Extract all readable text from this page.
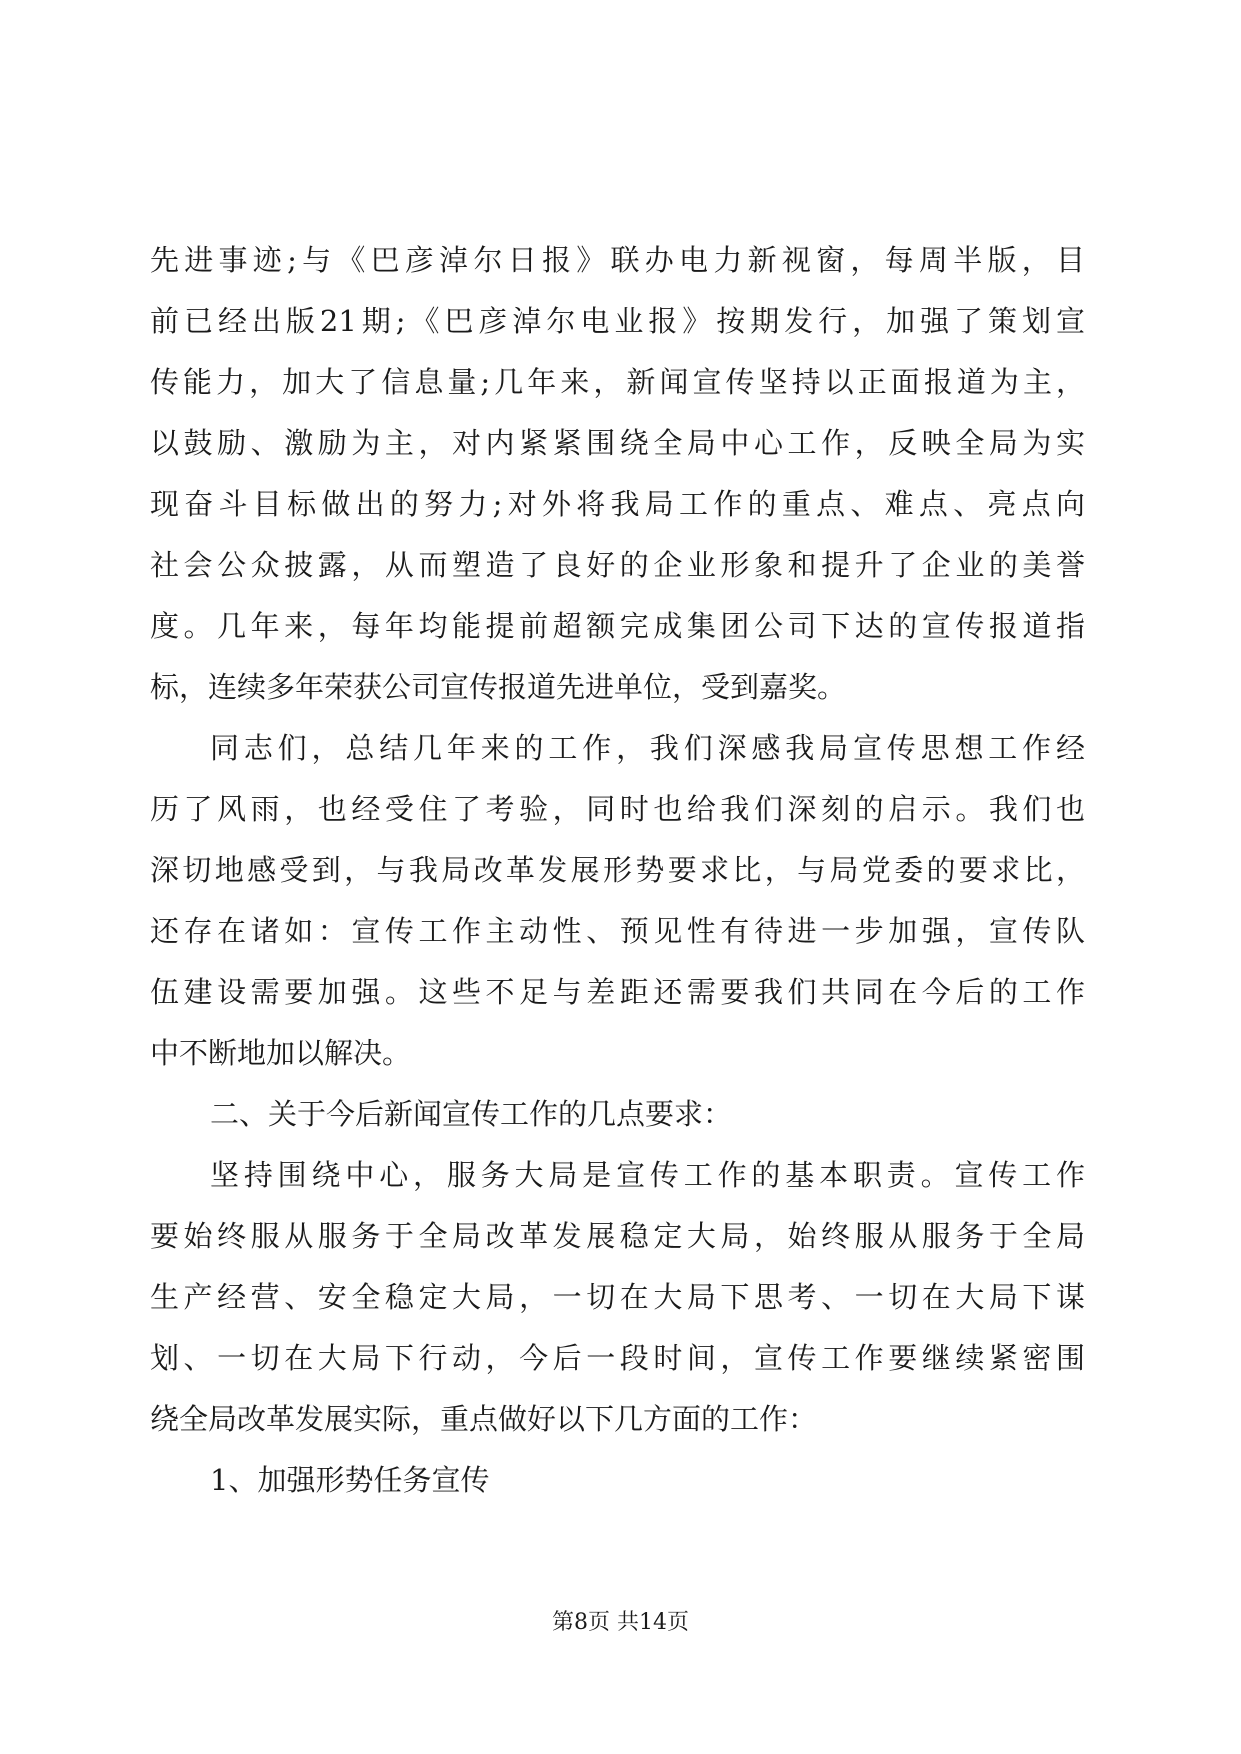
先进事迹;与《巴彦淖尔日报》联办电力新视窗，每周半版，目
前已经出版21期;《巴彦淖尔电业报》按期发行，加强了策划宣
传能力，加大了信息量;几年来，新闻宣传坚持以正面报道为主，
以鼓励、激励为主，对内紧紧围绕全局中心工作，反映全局为实
现奋斗目标做出的努力;对外将我局工作的重点、难点、亮点向
社会公众披露，从而塑造了良好的企业形象和提升了企业的美誉
度。几年来，每年均能提前超额完成集团公司下达的宣传报道指
标，连续多年荣获公司宣传报道先进单位，受到嘉奖。
同志们，总结几年来的工作，我们深感我局宣传思想工作经
历了风雨，也经受住了考验，同时也给我们深刻的启示。我们也
深切地感受到，与我局改革发展形势要求比，与局党委的要求比，
还存在诸如：宣传工作主动性、预见性有待进一步加强，宣传队
伍建设需要加强。这些不足与差距还需要我们共同在今后的工作
中不断地加以解决。
二、关于今后新闻宣传工作的几点要求：
坚持围绕中心，服务大局是宣传工作的基本职责。宣传工作
要始终服从服务于全局改革发展稳定大局，始终服从服务于全局
生产经营、安全稳定大局，一切在大局下思考、一切在大局下谋
划、一切在大局下行动，今后一段时间，宣传工作要继续紧密围
绕全局改革发展实际，重点做好以下几方面的工作：
1、加强形势任务宣传
第8页 共14页
